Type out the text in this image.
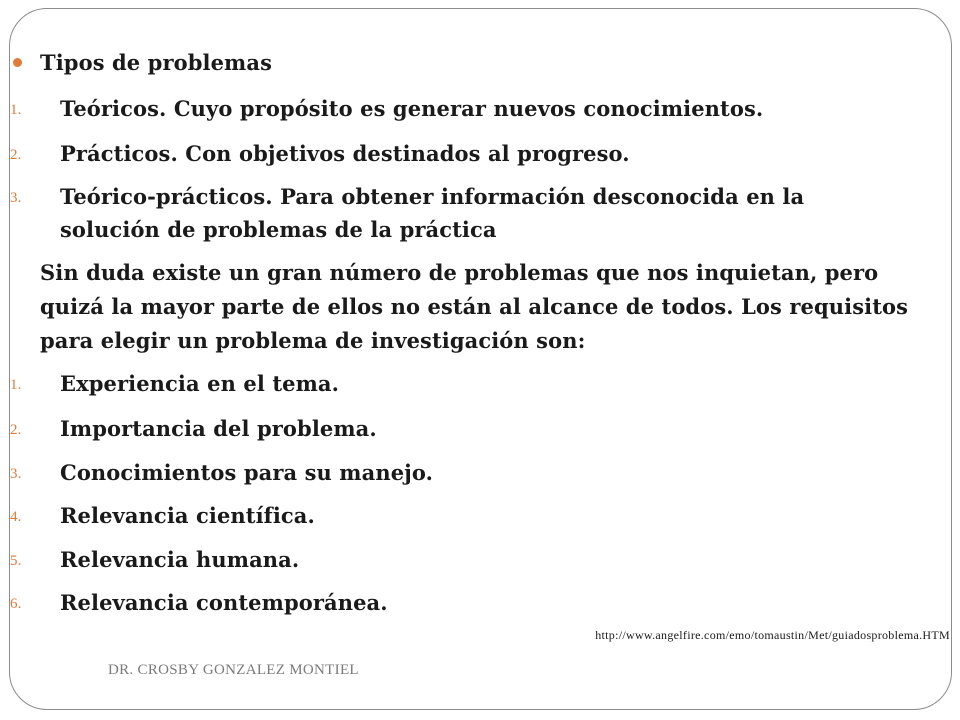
Tipos de problemas
1. Teóricos. Cuyo propósito es generar nuevos conocimientos.
2. Prácticos. Con objetivos destinados al progreso.
3. Teórico-prácticos. Para obtener información desconocida en la
solución de problemas de la práctica
Sin duda existe un gran número de problemas que nos inquietan, pero
quizá la mayor parte de ellos no están al alcance de todos. Los requisitos
para elegir un problema de investigación son:
1. Experiencia en el tema.
2. Importancia del problema.
3. Conocimientos para su manejo.
4. Relevancia científica.
5. Relevancia humana.
6. Relevancia contemporánea.
http://www.angelfire.com/emo/tomaustin/Met/guiadosproblema.HTM
DR. CROSBY GONZALEZ MONTIEL
